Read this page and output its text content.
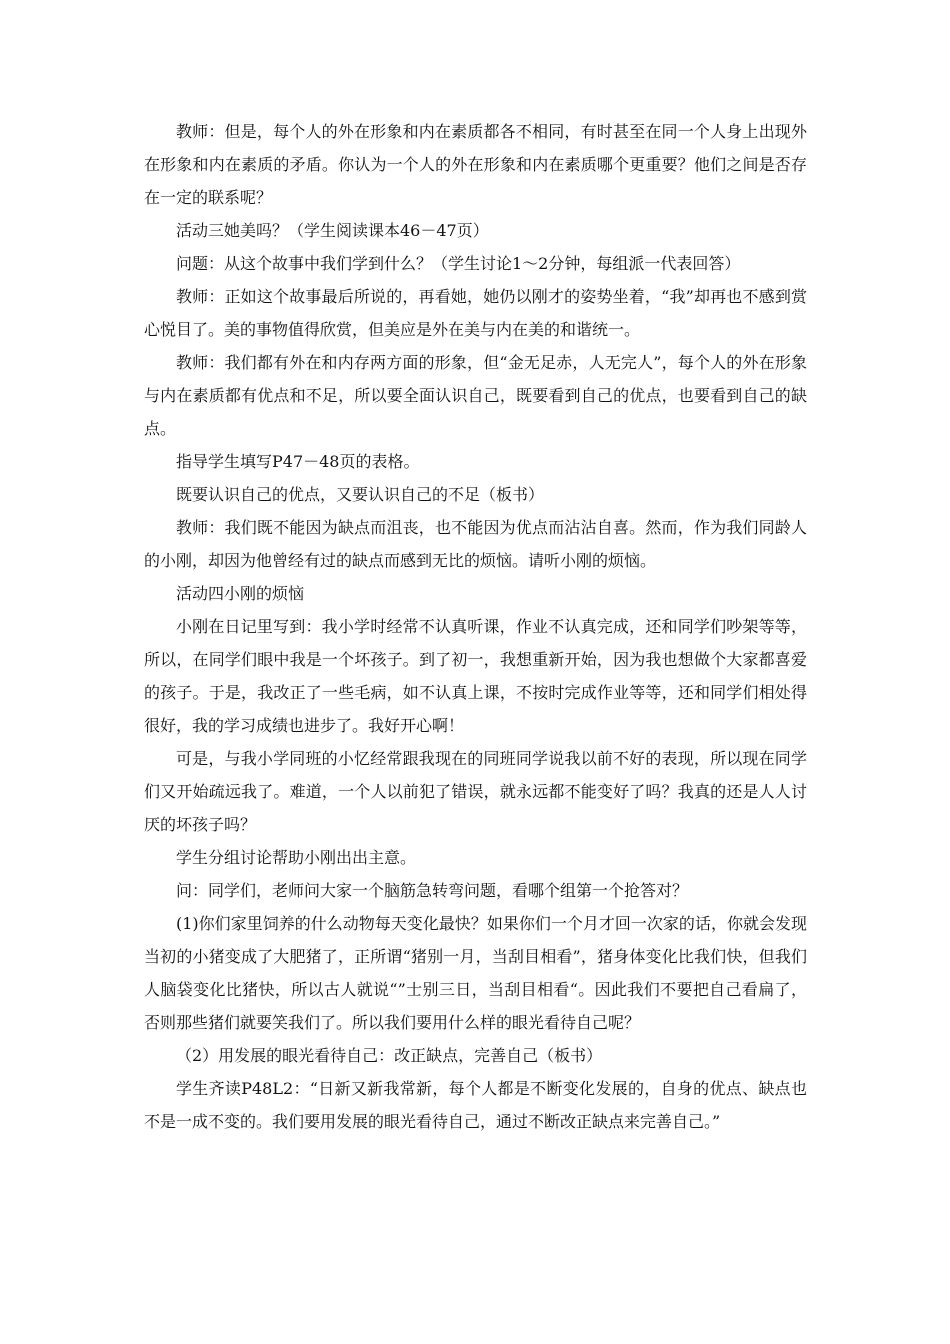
教师：但是，每个人的外在形象和内在素质都各不相同，有时甚至在同一个人身上出现外在形象和内在素质的矛盾。你认为一个人的外在形象和内在素质哪个更重要？他们之间是否存在一定的联系呢？

活动三她美吗？（学生阅读课本46－47页）

问题：从这个故事中我们学到什么？（学生讨论1～2分钟，每组派一代表回答）

教师：正如这个故事最后所说的，再看她，她仍以刚才的姿势坐着，“我”却再也不感到赏心悦目了。美的事物值得欣赏，但美应是外在美与内在美的和谐统一。

教师：我们都有外在和内存两方面的形象，但“金无足赤，人无完人”，每个人的外在形象与内在素质都有优点和不足，所以要全面认识自己，既要看到自己的优点，也要看到自己的缺点。

指导学生填写P47－48页的表格。

既要认识自己的优点，又要认识自己的不足（板书）

教师：我们既不能因为缺点而沮丧，也不能因为优点而沾沾自喜。然而，作为我们同龄人的小刚，却因为他曾经有过的缺点而感到无比的烦恼。请听小刚的烦恼。

活动四小刚的烦恼

小刚在日记里写到：我小学时经常不认真听课，作业不认真完成，还和同学们吵架等等，所以，在同学们眼中我是一个坏孩子。到了初一，我想重新开始，因为我也想做个大家都喜爱的孩子。于是，我改正了一些毛病，如不认真上课，不按时完成作业等等，还和同学们相处得很好，我的学习成绩也进步了。我好开心啊！

可是，与我小学同班的小忆经常跟我现在的同班同学说我以前不好的表现，所以现在同学们又开始疏远我了。难道，一个人以前犯了错误，就永远都不能变好了吗？我真的还是人人讨厌的坏孩子吗？

学生分组讨论帮助小刚出出主意。

问：同学们，老师问大家一个脑筋急转弯问题，看哪个组第一个抢答对？

(1)你们家里饲养的什么动物每天变化最快？如果你们一个月才回一次家的话，你就会发现当初的小猪变成了大肥猪了，正所谓“猪别一月，当刮目相看”，猪身体变化比我们快，但我们人脑袋变化比猪快，所以古人就说“”士别三日，当刮目相看“。因此我们不要把自己看扁了，否则那些猪们就要笑我们了。所以我们要用什么样的眼光看待自己呢？

（2）用发展的眼光看待自己：改正缺点，完善自己（板书）

学生齐读P48L2：“日新又新我常新，每个人都是不断变化发展的，自身的优点、缺点也不是一成不变的。我们要用发展的眼光看待自己，通过不断改正缺点来完善自己。”
